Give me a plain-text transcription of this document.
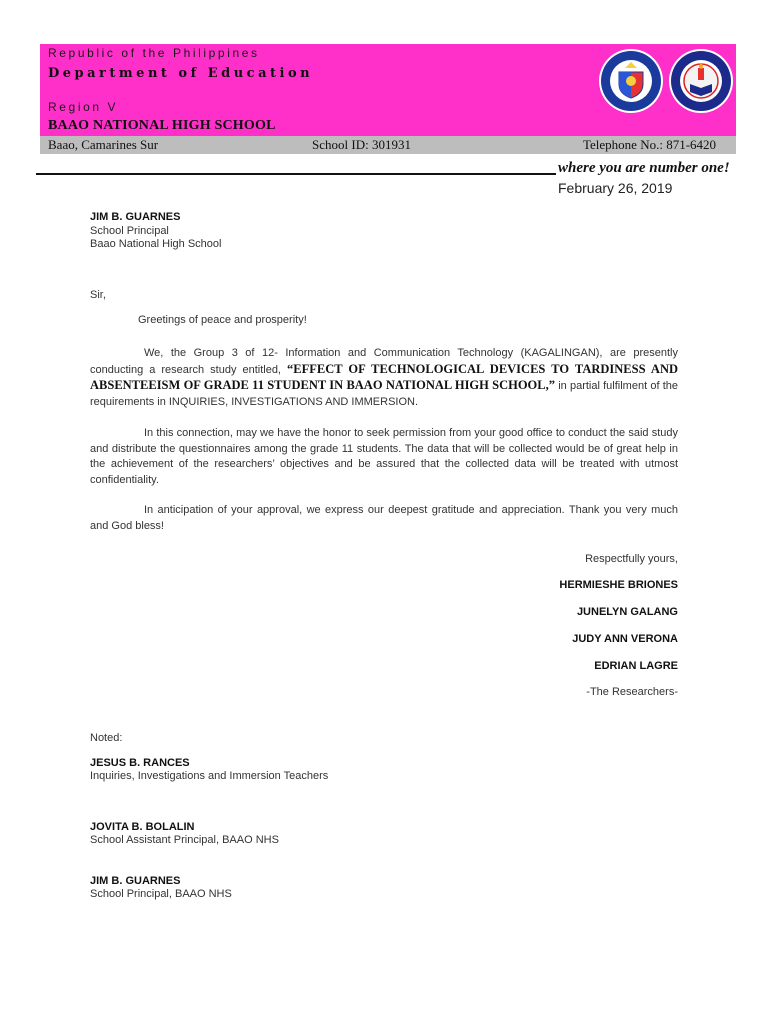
Republic of the Philippines
Department of Education
Region V
BAAO NATIONAL HIGH SCHOOL
Baao, Camarines Sur	School ID: 301931	Telephone No.: 871-6420
where you are number one!
February 26, 2019
JIM B. GUARNES
School Principal
Baao National High School
Sir,
Greetings of peace and prosperity!

We, the Group 3 of 12- Information and Communication Technology (KAGALINGAN), are presently conducting a research study entitled, “EFFECT OF TECHNOLOGICAL DEVICES TO TARDINESS AND ABSENTEEISM OF GRADE 11 STUDENT IN BAAO NATIONAL HIGH SCHOOL,” in partial fulfilment of the requirements in INQUIRIES, INVESTIGATIONS AND IMMERSION.

In this connection, may we have the honor to seek permission from your good office to conduct the said study and distribute the questionnaires among the grade 11 students. The data that will be collected would be of great help in the achievement of the researchers’ objectives and be assured that the collected data will be treated with utmost confidentiality.

In anticipation of your approval, we express our deepest gratitude and appreciation. Thank you very much and God bless!

Respectfully yours,
HERMIESHE BRIONES
JUNELYN GALANG
JUDY ANN VERONA
EDRIAN LAGRE
-The Researchers-
Noted:
JESUS B. RANCES
Inquiries, Investigations and Immersion Teachers
JOVITA B. BOLALIN
School Assistant Principal, BAAO NHS
JIM B. GUARNES
School Principal, BAAO NHS
